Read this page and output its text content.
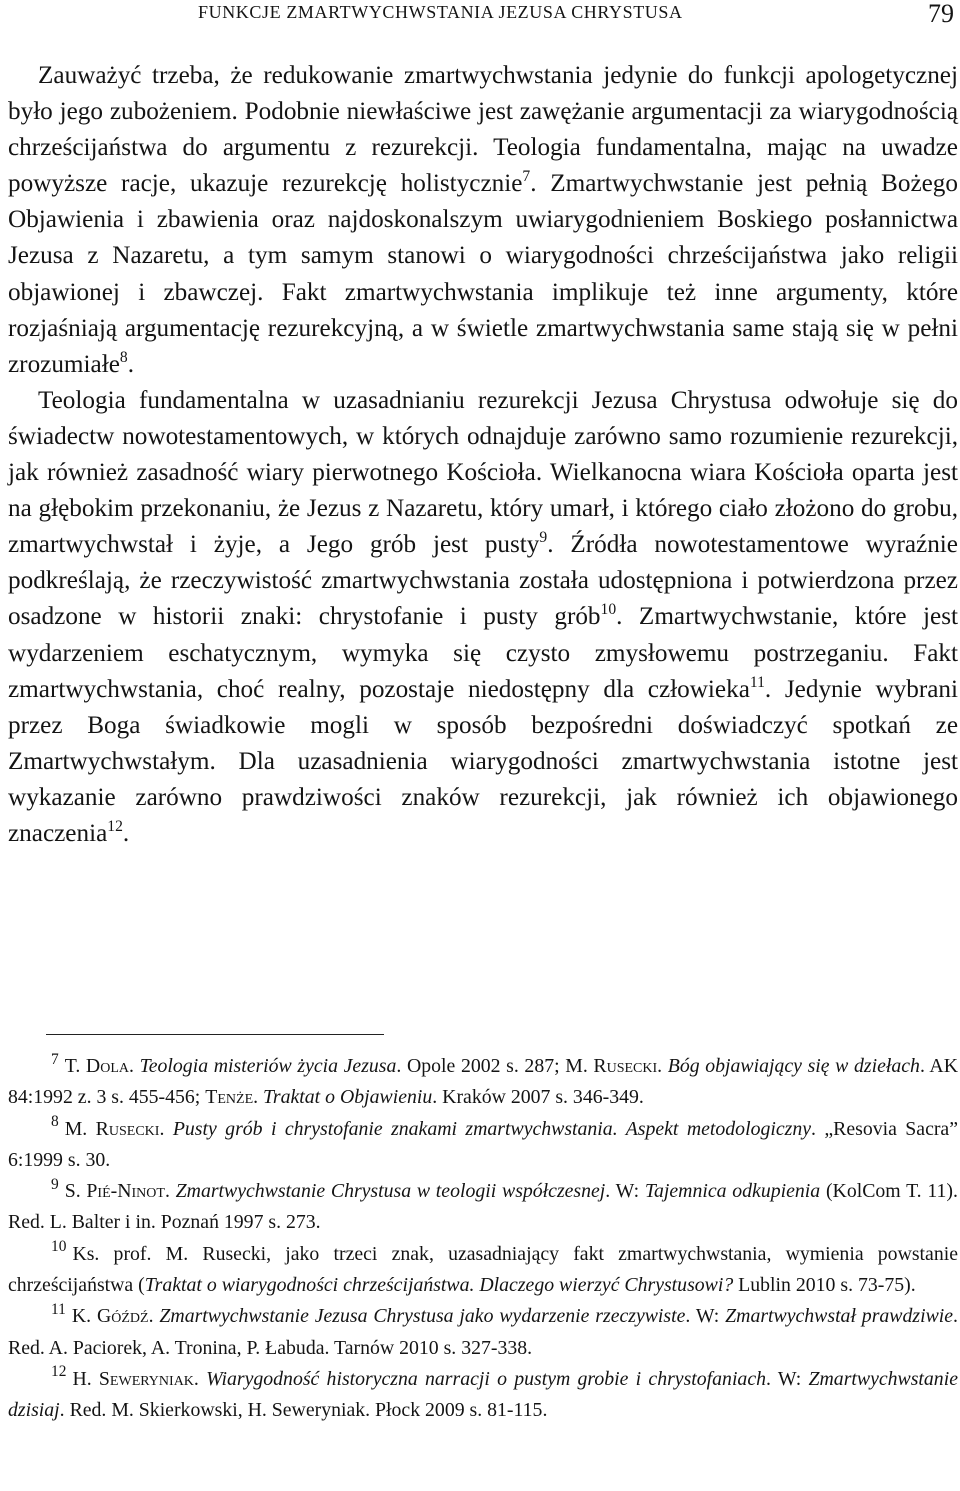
FUNKCJE ZMARTWYCHWSTANIA JEZUSA CHRYSTUSA	79

Zauważyć trzeba, że redukowanie zmartwychwstania jedynie do funkcji apologetycznej było jego zubożeniem. Podobnie niewłaściwe jest zawężanie argumentacji za wiarygodnością chrześcijaństwa do argumentu z rezurekcji. Teologia fundamentalna, mając na uwadze powyższe racje, ukazuje rezurekcję holistycznie$^7$. Zmartwychwstanie jest pełnią Bożego Objawienia i zbawienia oraz najdoskonalszym uwiarygodnieniem Boskiego posłannictwa Jezusa z Nazaretu, a tym samym stanowi o wiarygodności chrześcijaństwa jako religii objawionej i zbawczej. Fakt zmartwychwstania implikuje też inne argumenty, które rozjaśniają argumentację rezurekcyjną, a w świetle zmartwychwstania same stają się w pełni zrozumiałe$^8$.

Teologia fundamentalna w uzasadnianiu rezurekcji Jezusa Chrystusa odwołuje się do świadectw nowotestamentowych, w których odnajduje zarówno samo rozumienie rezurekcji, jak również zasadność wiary pierwotnego Kościoła. Wielkanocna wiara Kościoła oparta jest na głębokim przekonaniu, że Jezus z Nazaretu, który umarł, i którego ciało złożono do grobu, zmartwychwstał i żyje, a Jego grób jest pusty$^9$. Źródła nowotestamentowe wyraźnie podkreślają, że rzeczywistość zmartwychwstania została udostępniona i potwierdzona przez osadzone w historii znaki: chrystofanie i pusty grób$^{10}$. Zmartwychwstanie, które jest wydarzeniem eschatycznym, wymyka się czysto zmysłowemu postrzeganiu. Fakt zmartwychwstania, choć realny, pozostaje niedostępny dla człowieka$^{11}$. Jedynie wybrani przez Boga świadkowie mogli w sposób bezpośredni doświadczyć spotkań ze Zmartwychwstałym. Dla uzasadnienia wiarygodności zmartwychwstania istotne jest wykazanie zarówno prawdziwości znaków rezurekcji, jak również ich objawionego znaczenia$^{12}$.

$^7$ T. Dola. Teologia misteriów życia Jezusa. Opole 2002 s. 287; M. Rusecki. Bóg objawiający się w dziełach. AK 84:1992 z. 3 s. 455-456; Tenże. Traktat o Objawieniu. Kraków 2007 s. 346-349.

$^8$ M. Rusecki. Pusty grób i chrystofanie znakami zmartwychwstania. Aspekt metodologiczny. „Resovia Sacra” 6:1999 s. 30.

$^9$ S. Pié-Ninot. Zmartwychwstanie Chrystusa w teologii współczesnej. W: Tajemnica odkupienia (KolCom T. 11). Red. L. Balter i in. Poznań 1997 s. 273.

$^{10}$ Ks. prof. M. Rusecki, jako trzeci znak, uzasadniający fakt zmartwychwstania, wymienia powstanie chrześcijaństwa (Traktat o wiarygodności chrześcijaństwa. Dlaczego wierzyć Chrystusowi? Lublin 2010 s. 73-75).

$^{11}$ K. Góźdź. Zmartwychwstanie Jezusa Chrystusa jako wydarzenie rzeczywiste. W: Zmartwychwstał prawdziwie. Red. A. Paciorek, A. Tronina, P. Łabuda. Tarnów 2010 s. 327-338.

$^{12}$ H. Seweryniak. Wiarygodność historyczna narracji o pustym grobie i chrystofaniach. W: Zmartwychwstanie dzisiaj. Red. M. Skierkowski, H. Seweryniak. Płock 2009 s. 81-115.
